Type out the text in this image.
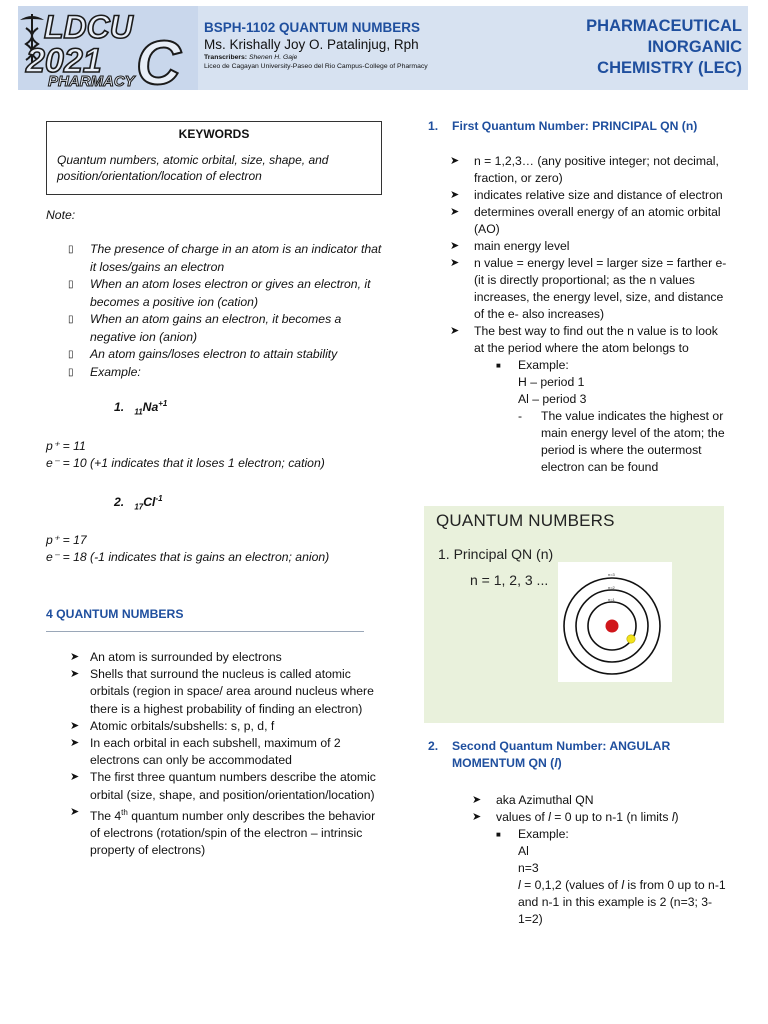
LDCU
2021 C
PHARMACY
BSPH-1102 QUANTUM NUMBERS
Ms. Krishally Joy O. Patalinjug, Rph
Transcribers: Shenen H. Gaje
Liceo de Cagayan University-Paseo del Rio Campus-College of Pharmacy
PHARMACEUTICAL
INORGANIC
CHEMISTRY (LEC)
KEYWORDS
Quantum numbers, atomic orbital, size, shape, and position/orientation/location of electron
Note:
▯ The presence of charge in an atom is an indicator that it loses/gains an electron
▯ When an atom loses electron or gives an electron, it becomes a positive ion (cation)
▯ When an atom gains an electron, it becomes a negative ion (anion)
▯ An atom gains/loses electron to attain stability
▯ Example:
1. $_{11}Na^{+1}$
p⁺ = 11
e⁻ = 10 (+1 indicates that it loses 1 electron; cation)
2. $_{17}Cl^{-1}$
p⁺ = 17
e⁻ = 18 (-1 indicates that is gains an electron; anion)
4 QUANTUM NUMBERS
➤ An atom is surrounded by electrons
➤ Shells that surround the nucleus is called atomic orbitals (region in space/ area around nucleus where there is a highest probability of finding an electron)
➤ Atomic orbitals/subshells: s, p, d, f
➤ In each orbital in each subshell, maximum of 2 electrons can only be accommodated
➤ The first three quantum numbers describe the atomic orbital (size, shape, and position/orientation/location)
➤ The 4th quantum number only describes the behavior of electrons (rotation/spin of the electron – intrinsic property of electrons)
1. First Quantum Number: PRINCIPAL QN (n)
➤ n = 1,2,3… (any positive integer; not decimal, fraction, or zero)
➤ indicates relative size and distance of electron
➤ determines overall energy of an atomic orbital (AO)
➤ main energy level
➤ n value = energy level = larger size = farther e- (it is directly proportional; as the n values increases, the energy level, size, and distance of the e- also increases)
➤ The best way to find out the n value is to look at the period where the atom belongs to
■ Example:
H – period 1
Al – period 3
- The value indicates the highest or main energy level of the atom; the period is where the outermost electron can be found
QUANTUM NUMBERS
1. Principal QN (n)
n = 1, 2, 3 ...	n=3
n=2
n=1
2. Second Quantum Number: ANGULAR MOMENTUM QN (l)
➤ aka Azimuthal QN
➤ values of l = 0 up to n-1 (n limits l)
■ Example:
Al
n=3
l = 0,1,2 (values of l is from 0 up to n-1 and n-1 in this example is 2 (n=3; 3-1=2)
